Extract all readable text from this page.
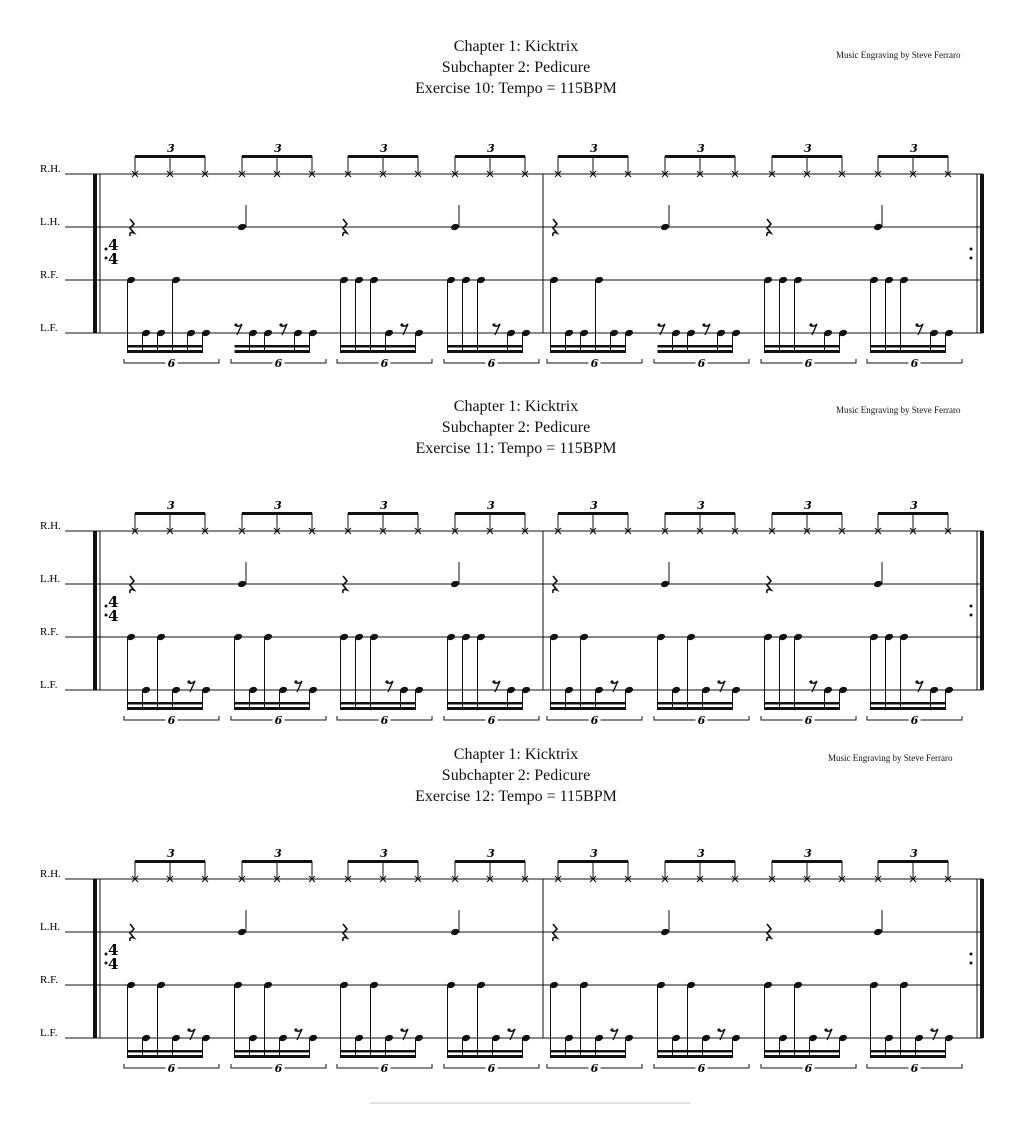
Chapter 1: Kicktrix
Subchapter 2: Pedicure
Exercise 10: Tempo = 115BPM
Music Engraving by Steve Ferraro
Chapter 1: Kicktrix
Subchapter 2: Pedicure
Exercise 11: Tempo = 115BPM
Music Engraving by Steve Ferraro
Chapter 1: Kicktrix
Subchapter 2: Pedicure
Exercise 12: Tempo = 115BPM
Music Engraving by Steve Ferraro
R.H.
L.H.
R.F.
L.F.
4
4
3
6
3
6
3
6
3
6
3
6
3
6
3
6
3
6
R.H.
L.H.
R.F.
L.F.
4
4
3
6
3
6
3
6
3
6
3
6
3
6
3
6
3
6
R.H.
L.H.
R.F.
L.F.
4
4
3
6
3
6
3
6
3
6
3
6
3
6
3
6
3
6
